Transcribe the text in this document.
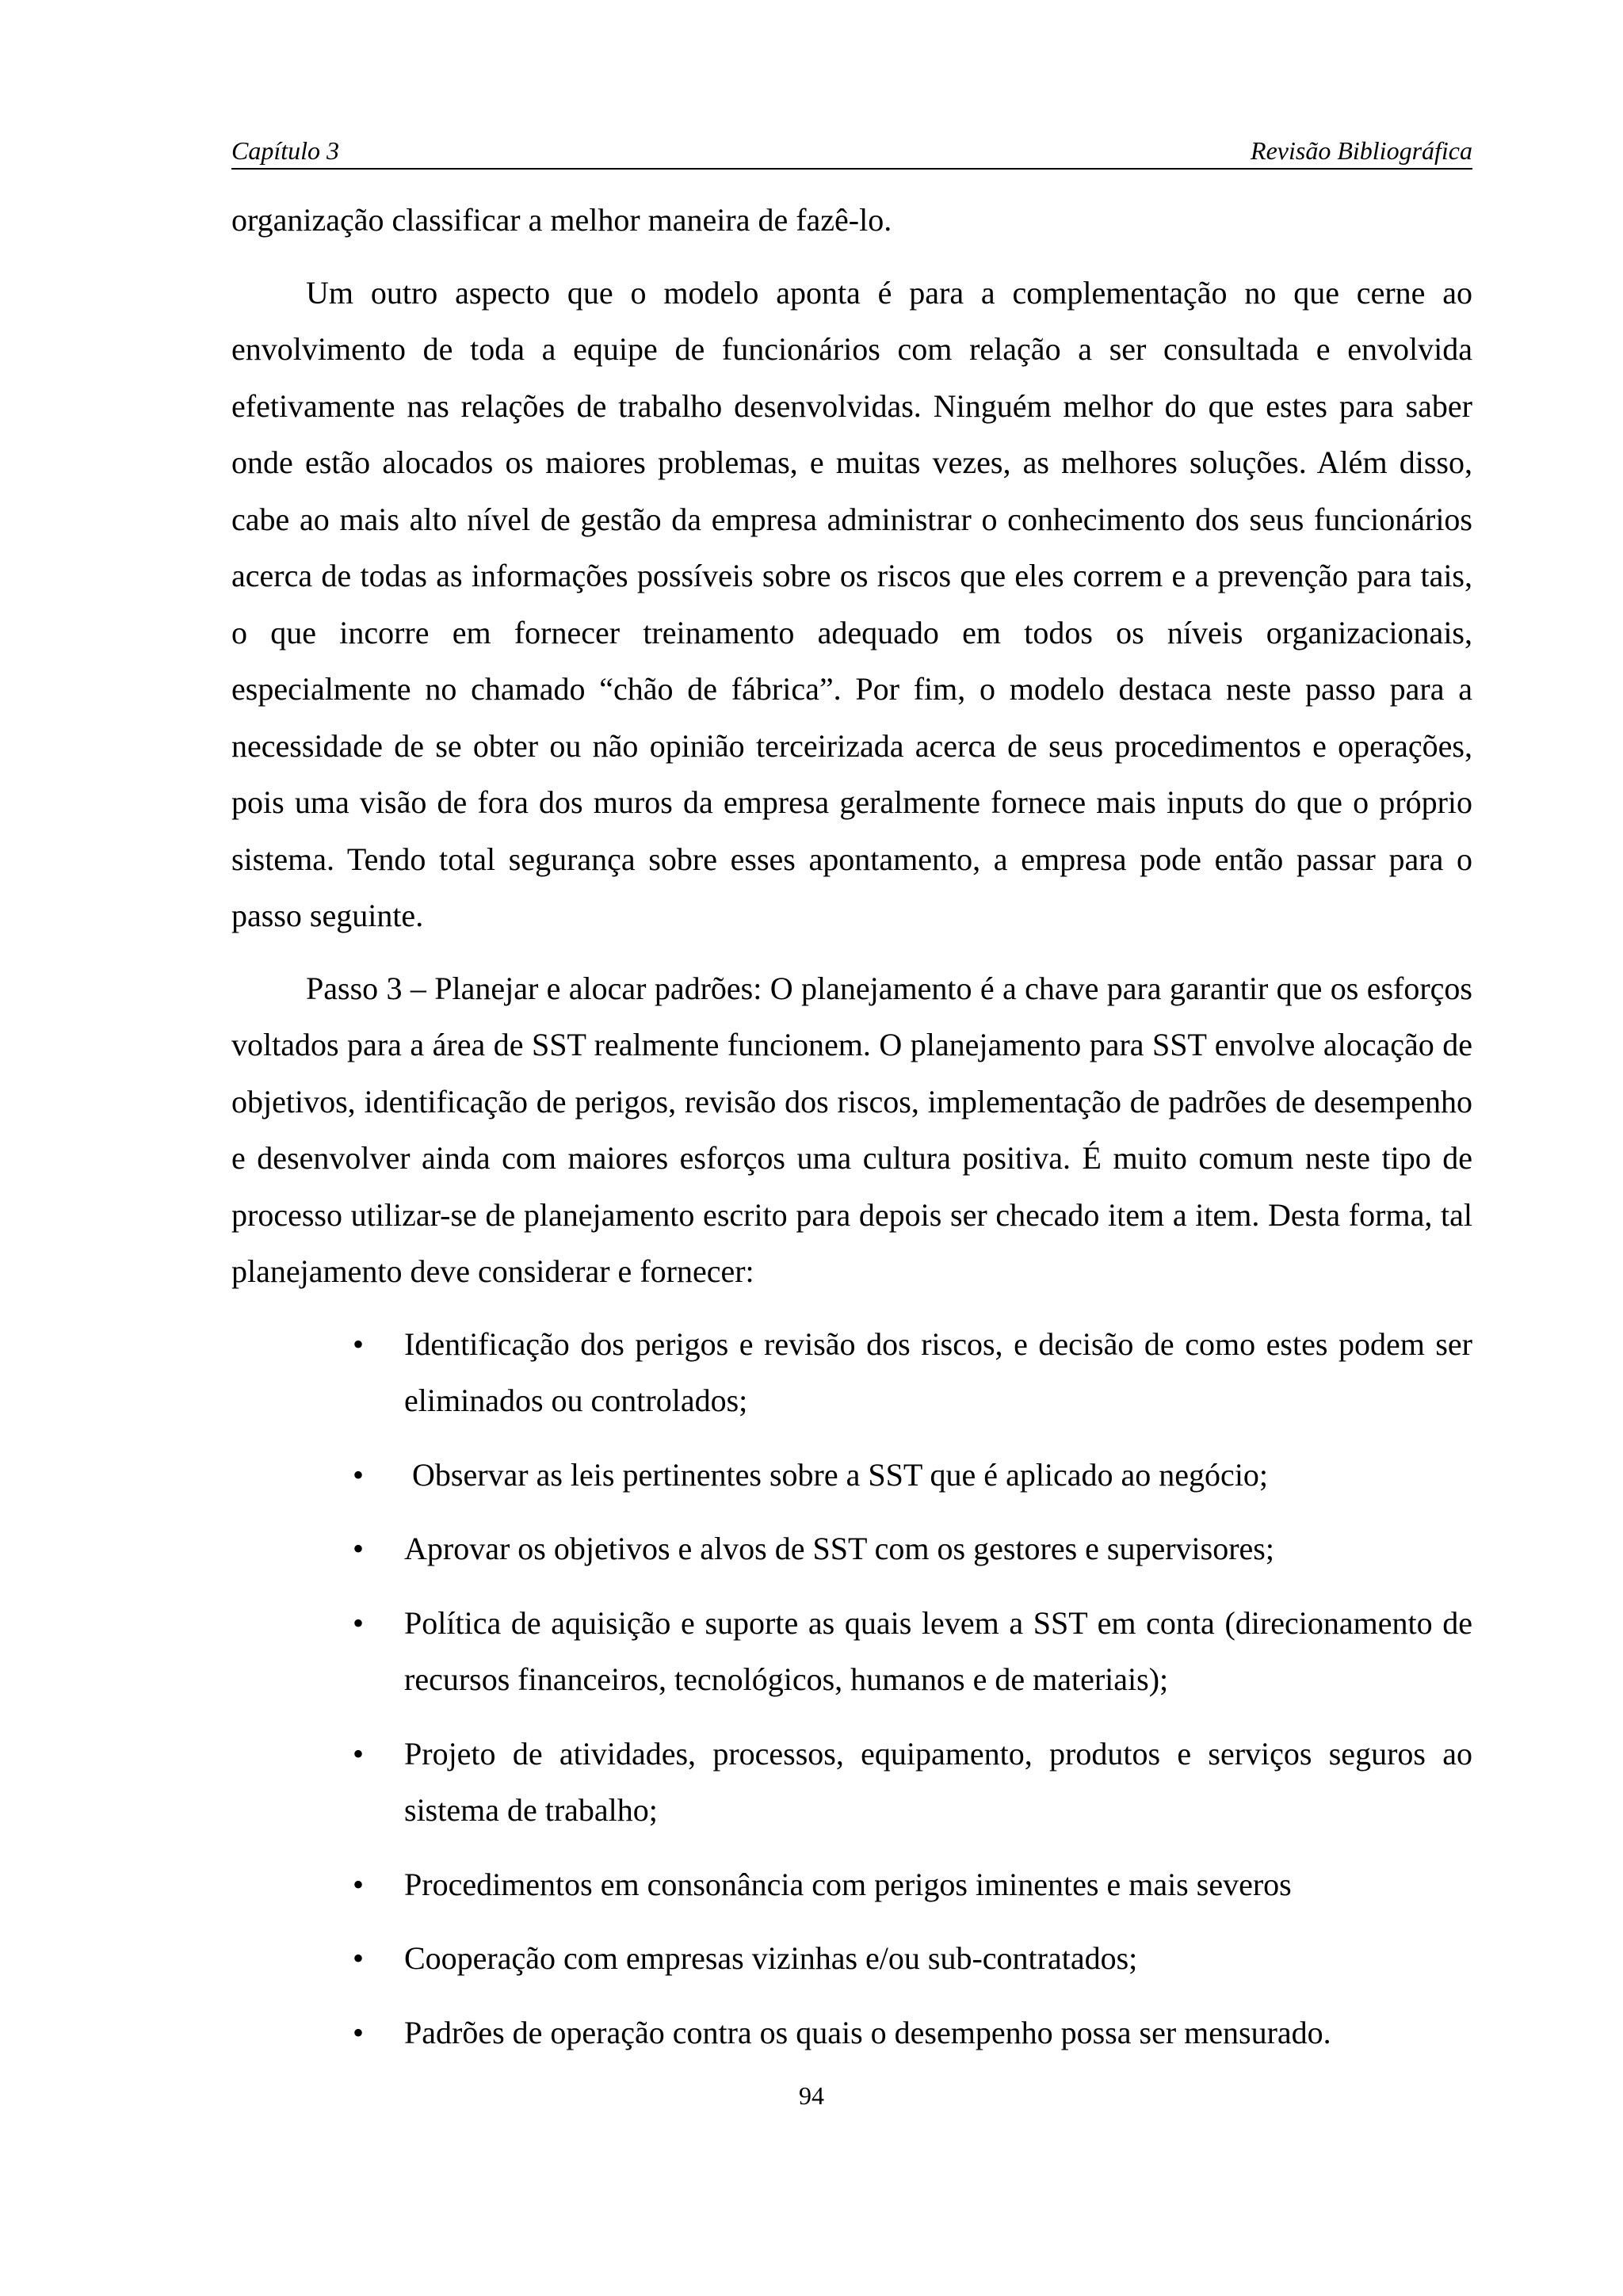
Capítulo 3	Revisão Bibliográfica

organização classificar a melhor maneira de fazê-lo.

Um outro aspecto que o modelo aponta é para a complementação no que cerne ao envolvimento de toda a equipe de funcionários com relação a ser consultada e envolvida efetivamente nas relações de trabalho desenvolvidas. Ninguém melhor do que estes para saber onde estão alocados os maiores problemas, e muitas vezes, as melhores soluções. Além disso, cabe ao mais alto nível de gestão da empresa administrar o conhecimento dos seus funcionários acerca de todas as informações possíveis sobre os riscos que eles correm e a prevenção para tais, o que incorre em fornecer treinamento adequado em todos os níveis organizacionais, especialmente no chamado “chão de fábrica”. Por fim, o modelo destaca neste passo para a necessidade de se obter ou não opinião terceirizada acerca de seus procedimentos e operações, pois uma visão de fora dos muros da empresa geralmente fornece mais inputs do que o próprio sistema. Tendo total segurança sobre esses apontamento, a empresa pode então passar para o passo seguinte.

Passo 3 – Planejar e alocar padrões: O planejamento é a chave para garantir que os esforços voltados para a área de SST realmente funcionem. O planejamento para SST envolve alocação de objetivos, identificação de perigos, revisão dos riscos, implementação de padrões de desempenho e desenvolver ainda com maiores esforços uma cultura positiva. É muito comum neste tipo de processo utilizar-se de planejamento escrito para depois ser checado item a item. Desta forma, tal planejamento deve considerar e fornecer:

• Identificação dos perigos e revisão dos riscos, e decisão de como estes podem ser eliminados ou controlados;
• Observar as leis pertinentes sobre a SST que é aplicado ao negócio;
• Aprovar os objetivos e alvos de SST com os gestores e supervisores;
• Política de aquisição e suporte as quais levem a SST em conta (direcionamento de recursos financeiros, tecnológicos, humanos e de materiais);
• Projeto de atividades, processos, equipamento, produtos e serviços seguros ao sistema de trabalho;
• Procedimentos em consonância com perigos iminentes e mais severos
• Cooperação com empresas vizinhas e/ou sub-contratados;
• Padrões de operação contra os quais o desempenho possa ser mensurado.
94
